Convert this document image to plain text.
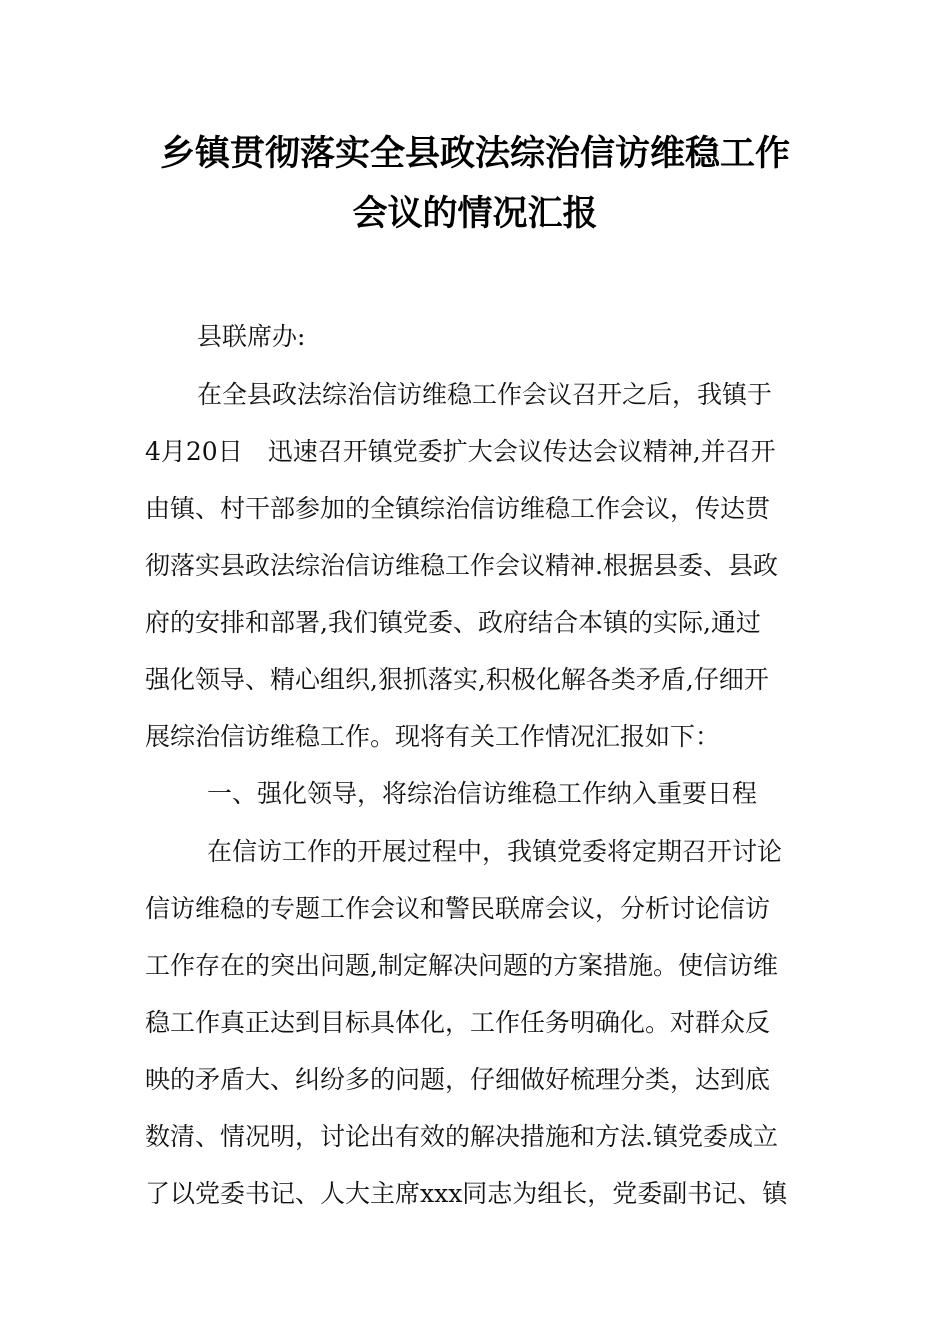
乡镇贯彻落实全县政法综治信访维稳工作
会议的情况汇报
县联席办:
在全县政法综治信访维稳工作会议召开之后，我镇于
4月20日　迅速召开镇党委扩大会议传达会议精神,并召开
由镇、村干部参加的全镇综治信访维稳工作会议，传达贯
彻落实县政法综治信访维稳工作会议精神.根据县委、县政
府的安排和部署,我们镇党委、政府结合本镇的实际,通过
强化领导、精心组织,狠抓落实,积极化解各类矛盾,仔细开
展综治信访维稳工作。现将有关工作情况汇报如下：
一、强化领导，将综治信访维稳工作纳入重要日程
在信访工作的开展过程中，我镇党委将定期召开讨论
信访维稳的专题工作会议和警民联席会议，分析讨论信访
工作存在的突出问题,制定解决问题的方案措施。使信访维
稳工作真正达到目标具体化，工作任务明确化。对群众反
映的矛盾大、纠纷多的问题，仔细做好梳理分类，达到底
数清、情况明，讨论出有效的解决措施和方法.镇党委成立
了以党委书记、人大主席xxx同志为组长，党委副书记、镇
